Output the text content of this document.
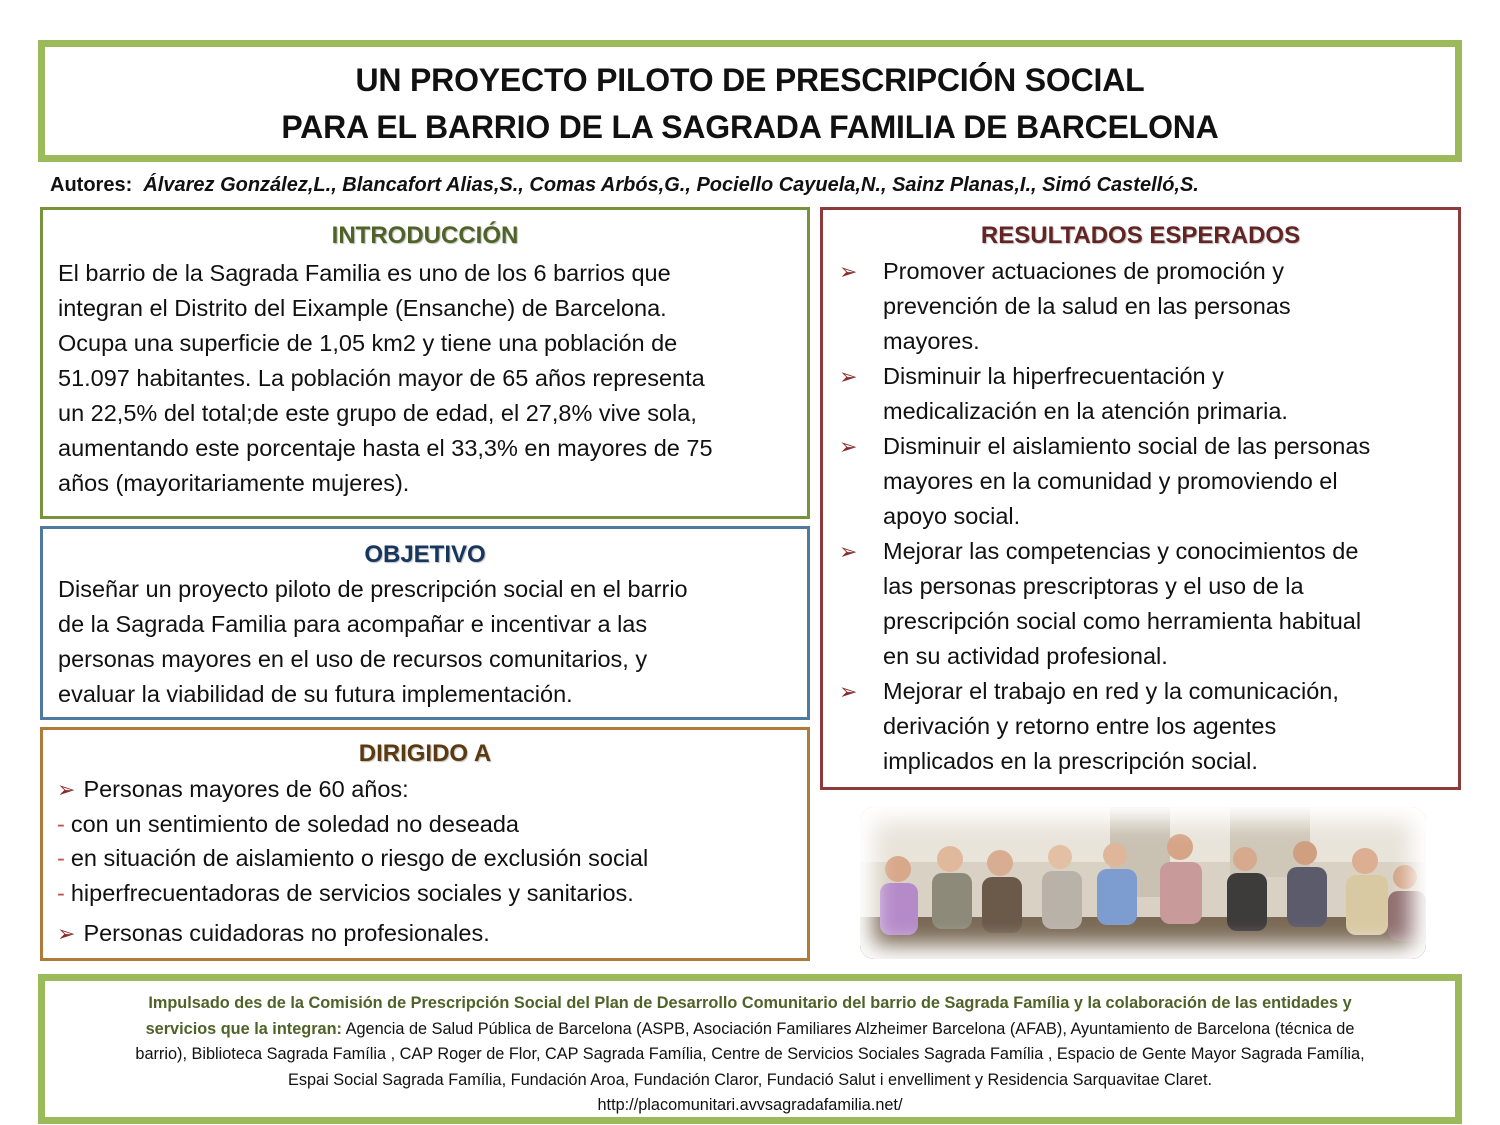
UN PROYECTO PILOTO DE PRESCRIPCIÓN SOCIAL
PARA EL BARRIO DE LA SAGRADA FAMILIA DE BARCELONA
Autores: Álvarez González,L., Blancafort Alias,S., Comas Arbós,G., Pociello Cayuela,N., Sainz Planas,I., Simó Castelló,S.
INTRODUCCIÓN
El barrio de la Sagrada Familia es uno de los 6 barrios que
integran el Distrito del Eixample (Ensanche) de Barcelona.
Ocupa una superficie de 1,05 km2 y tiene una población de
51.097 habitantes. La población mayor de 65 años representa
un 22,5% del total;de este grupo de edad, el 27,8% vive sola,
aumentando este porcentaje hasta el 33,3% en mayores de 75
años (mayoritariamente mujeres).
OBJETIVO
Diseñar un proyecto piloto de prescripción social en el barrio
de la Sagrada Familia para acompañar e incentivar a las
personas mayores en el uso de recursos comunitarios, y
evaluar la viabilidad de su futura implementación.
DIRIGIDO A
➢ Personas mayores de 60 años:
- con un sentimiento de soledad no deseada
- en situación de aislamiento o riesgo de exclusión social
- hiperfrecuentadoras de servicios sociales y sanitarios.
➢ Personas cuidadoras no profesionales.
RESULTADOS ESPERADOS
➢ Promover actuaciones de promoción y
prevención de la salud en las personas
mayores.
➢ Disminuir la hiperfrecuentación y
medicalización en la atención primaria.
➢ Disminuir el aislamiento social de las personas
mayores en la comunidad y promoviendo el
apoyo social.
➢ Mejorar las competencias y conocimientos de
las personas prescriptoras y el uso de la
prescripción social como herramienta habitual
en su actividad profesional.
➢ Mejorar el trabajo en red y la comunicación,
derivación y retorno entre los agentes
implicados en la prescripción social.
Impulsado des de la Comisión de Prescripción Social del Plan de Desarrollo Comunitario del barrio de Sagrada Família y la colaboración de las entidades y
servicios que la integran: Agencia de Salud Pública de Barcelona (ASPB, Asociación Familiares Alzheimer Barcelona (AFAB), Ayuntamiento de Barcelona (técnica de
barrio), Biblioteca Sagrada Família , CAP Roger de Flor, CAP Sagrada Família, Centre de Servicios Sociales Sagrada Família , Espacio de Gente Mayor Sagrada Família,
Espai Social Sagrada Família, Fundación Aroa, Fundación Claror, Fundació Salut i envelliment y Residencia Sarquavitae Claret.
http://placomunitari.avvsagradafamilia.net/
